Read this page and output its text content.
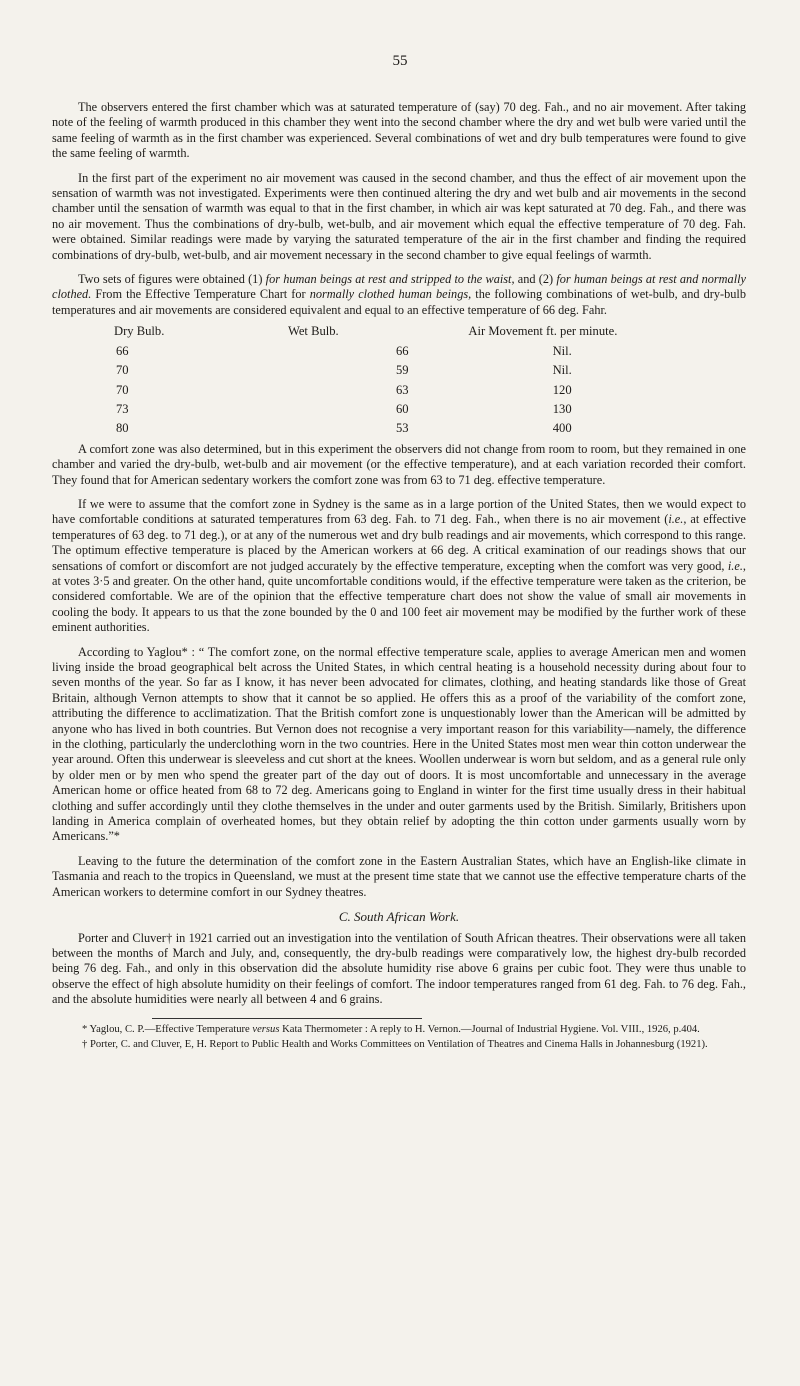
55

The observers entered the first chamber which was at saturated temperature of (say) 70 deg. Fah., and no air movement. After taking note of the feeling of warmth produced in this chamber they went into the second chamber where the dry and wet bulb were varied until the same feeling of warmth as in the first chamber was experienced. Several combinations of wet and dry bulb temperatures were found to give the same feeling of warmth.

In the first part of the experiment no air movement was caused in the second chamber, and thus the effect of air movement upon the sensation of warmth was not investigated. Experiments were then continued altering the dry and wet bulb and air movements in the second chamber until the sensation of warmth was equal to that in the first chamber, in which air was kept saturated at 70 deg. Fah., and there was no air movement. Thus the combinations of dry-bulb, wet-bulb, and air movement which equal the effective temperature of 70 deg. Fah. were obtained. Similar readings were made by varying the saturated temperature of the air in the first chamber and finding the required combinations of dry-bulb, wet-bulb, and air movement necessary in the second chamber to give equal feelings of warmth.

Two sets of figures were obtained (1) for human beings at rest and stripped to the waist, and (2) for human beings at rest and normally clothed. From the Effective Temperature Chart for normally clothed human beings, the following combinations of wet-bulb, and dry-bulb temperatures and air movements are considered equivalent and equal to an effective temperature of 66 deg. Fahr.

Dry Bulb.	Wet Bulb.	Air Movement ft. per minute.
66	66	Nil.
70	59	Nil.
70	63	120
73	60	130
80	53	400

A comfort zone was also determined, but in this experiment the observers did not change from room to room, but they remained in one chamber and varied the dry-bulb, wet-bulb and air movement (or the effective temperature), and at each variation recorded their comfort. They found that for American sedentary workers the comfort zone was from 63 to 71 deg. effective temperature.

If we were to assume that the comfort zone in Sydney is the same as in a large portion of the United States, then we would expect to have comfortable conditions at saturated temperatures from 63 deg. Fah. to 71 deg. Fah., when there is no air movement (i.e., at effective temperatures of 63 deg. to 71 deg.), or at any of the numerous wet and dry bulb readings and air movements, which correspond to this range. The optimum effective temperature is placed by the American workers at 66 deg. A critical examination of our readings shows that our sensations of comfort or discomfort are not judged accurately by the effective temperature, excepting when the comfort was very good, i.e., at votes 3·5 and greater. On the other hand, quite uncomfortable conditions would, if the effective temperature were taken as the criterion, be considered comfortable. We are of the opinion that the effective temperature chart does not show the value of small air movements in cooling the body. It appears to us that the zone bounded by the 0 and 100 feet air movement may be modified by the further work of these eminent authorities.

According to Yaglou* : “ The comfort zone, on the normal effective temperature scale, applies to average American men and women living inside the broad geographical belt across the United States, in which central heating is a household necessity during about four to seven months of the year. So far as I know, it has never been advocated for climates, clothing, and heating standards like those of Great Britain, although Vernon attempts to show that it cannot be so applied. He offers this as a proof of the variability of the comfort zone, attributing the difference to acclimatization. That the British comfort zone is unquestionably lower than the American will be admitted by anyone who has lived in both countries. But Vernon does not recognise a very important reason for this variability—namely, the difference in the clothing, particularly the underclothing worn in the two countries. Here in the United States most men wear thin cotton underwear the year around. Often this underwear is sleeveless and cut short at the knees. Woollen underwear is worn but seldom, and as a general rule only by older men or by men who spend the greater part of the day out of doors. It is most uncomfortable and unnecessary in the average American home or office heated from 68 to 72 deg. Americans going to England in winter for the first time usually dress in their habitual clothing and suffer accordingly until they clothe themselves in the under and outer garments used by the British. Similarly, Britishers upon landing in America complain of overheated homes, but they obtain relief by adopting the thin cotton under garments usually worn by Americans.”*

Leaving to the future the determination of the comfort zone in the Eastern Australian States, which have an English-like climate in Tasmania and reach to the tropics in Queensland, we must at the present time state that we cannot use the effective temperature charts of the American workers to determine comfort in our Sydney theatres.

C. South African Work.

Porter and Cluver† in 1921 carried out an investigation into the ventilation of South African theatres. Their observations were all taken between the months of March and July, and, consequently, the dry-bulb readings were comparatively low, the highest dry-bulb recorded being 76 deg. Fah., and only in this observation did the absolute humidity rise above 6 grains per cubic foot. They were thus unable to observe the effect of high absolute humidity on their feelings of comfort. The indoor temperatures ranged from 61 deg. Fah. to 76 deg. Fah., and the absolute humidities were nearly all between 4 and 6 grains.

* Yaglou, C. P.—Effective Temperature versus Kata Thermometer : A reply to H. Vernon.—Journal of Industrial Hygiene. Vol. VIII., 1926, p.404.

† Porter, C. and Cluver, E, H. Report to Public Health and Works Committees on Ventilation of Theatres and Cinema Halls in Johannesburg (1921).
